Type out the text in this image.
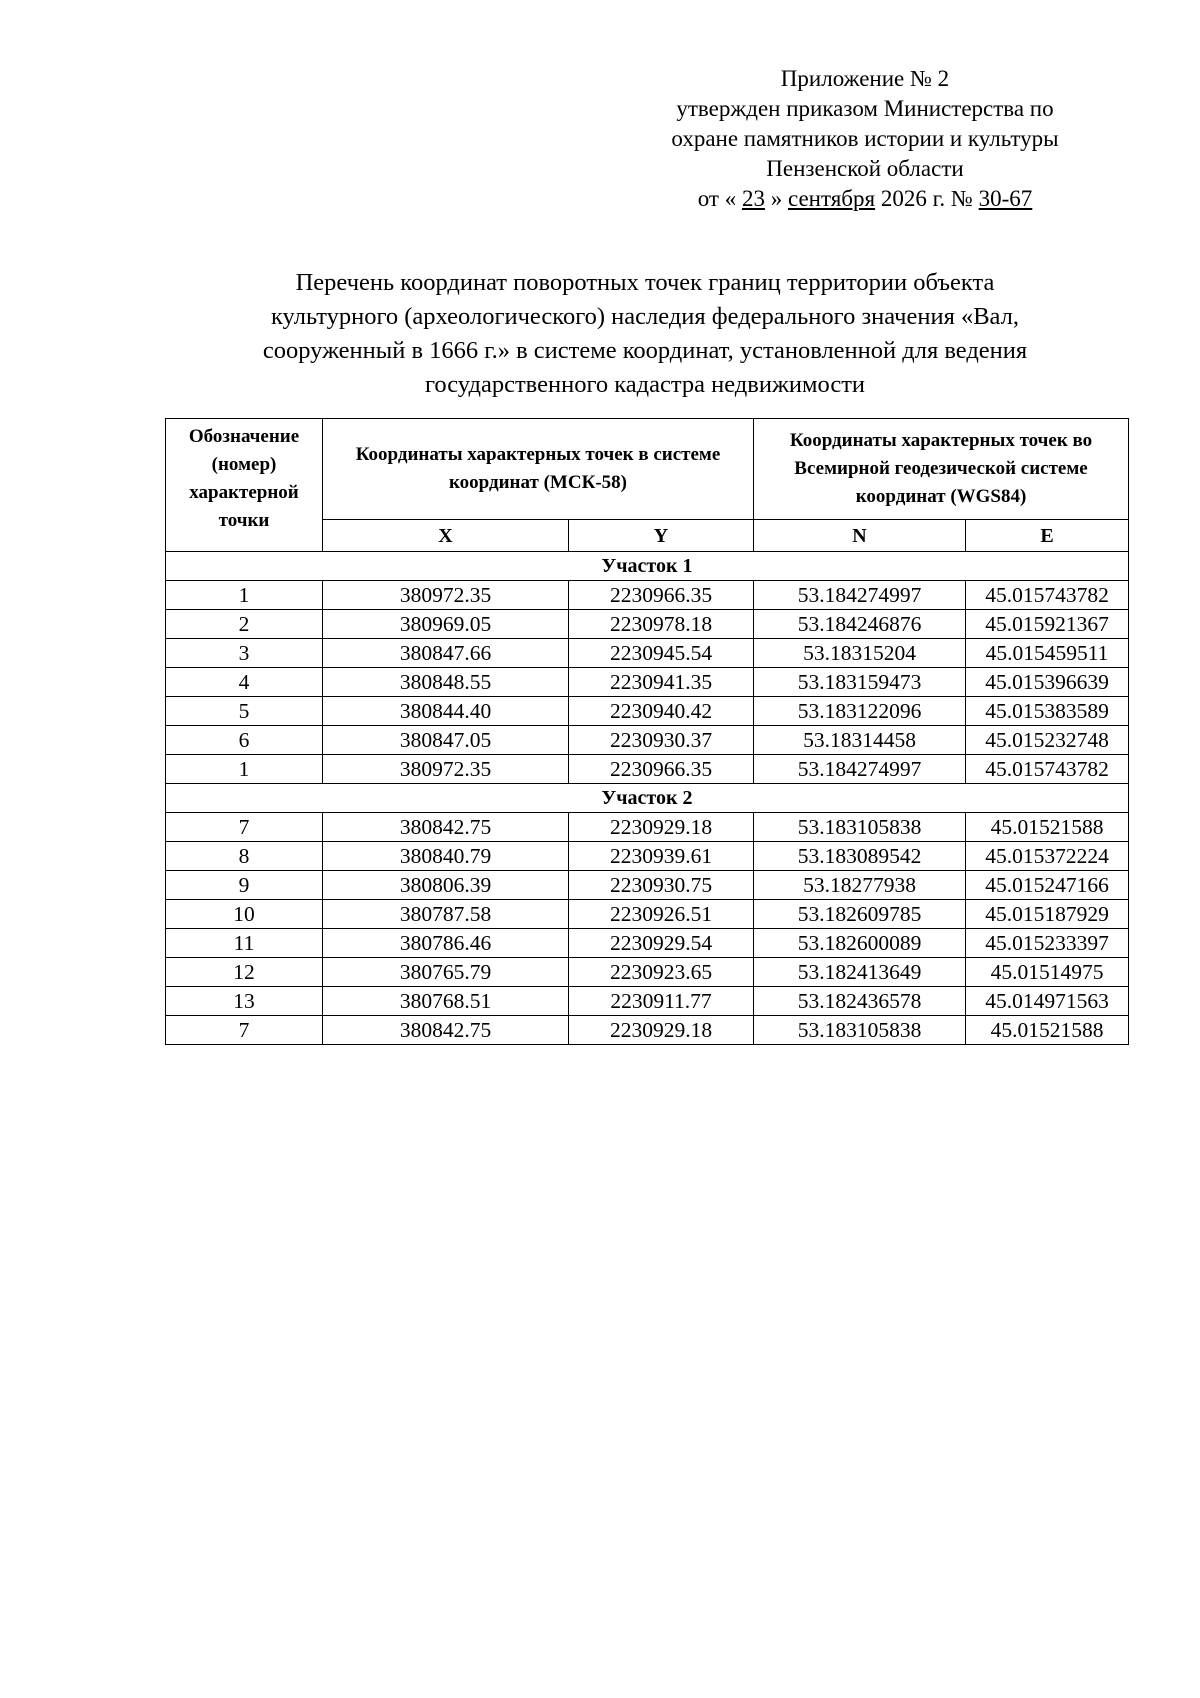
Приложение № 2
утвержден приказом Министерства по
охране памятников истории и культуры
Пензенской области
от « 23 » сентября 2026 г. № 30-67
Перечень координат поворотных точек границ территории объекта
культурного (археологического) наследия федерального значения «Вал,
сооруженный в 1666 г.» в системе координат, установленной для ведения
государственного кадастра недвижимости
Обозначение (номер) характерной точки	Координаты характерных точек в системе координат (МСК-58)		Координаты характерных точек во Всемирной геодезической системе координат (WGS84)	
	X	Y	N	E
Участок 1				
1	380972.35	2230966.35	53.184274997	45.015743782
2	380969.05	2230978.18	53.184246876	45.015921367
3	380847.66	2230945.54	53.18315204	45.015459511
4	380848.55	2230941.35	53.183159473	45.015396639
5	380844.40	2230940.42	53.183122096	45.015383589
6	380847.05	2230930.37	53.18314458	45.015232748
1	380972.35	2230966.35	53.184274997	45.015743782
Участок 2				
7	380842.75	2230929.18	53.183105838	45.01521588
8	380840.79	2230939.61	53.183089542	45.015372224
9	380806.39	2230930.75	53.18277938	45.015247166
10	380787.58	2230926.51	53.182609785	45.015187929
11	380786.46	2230929.54	53.182600089	45.015233397
12	380765.79	2230923.65	53.182413649	45.01514975
13	380768.51	2230911.77	53.182436578	45.014971563
7	380842.75	2230929.18	53.183105838	45.01521588
